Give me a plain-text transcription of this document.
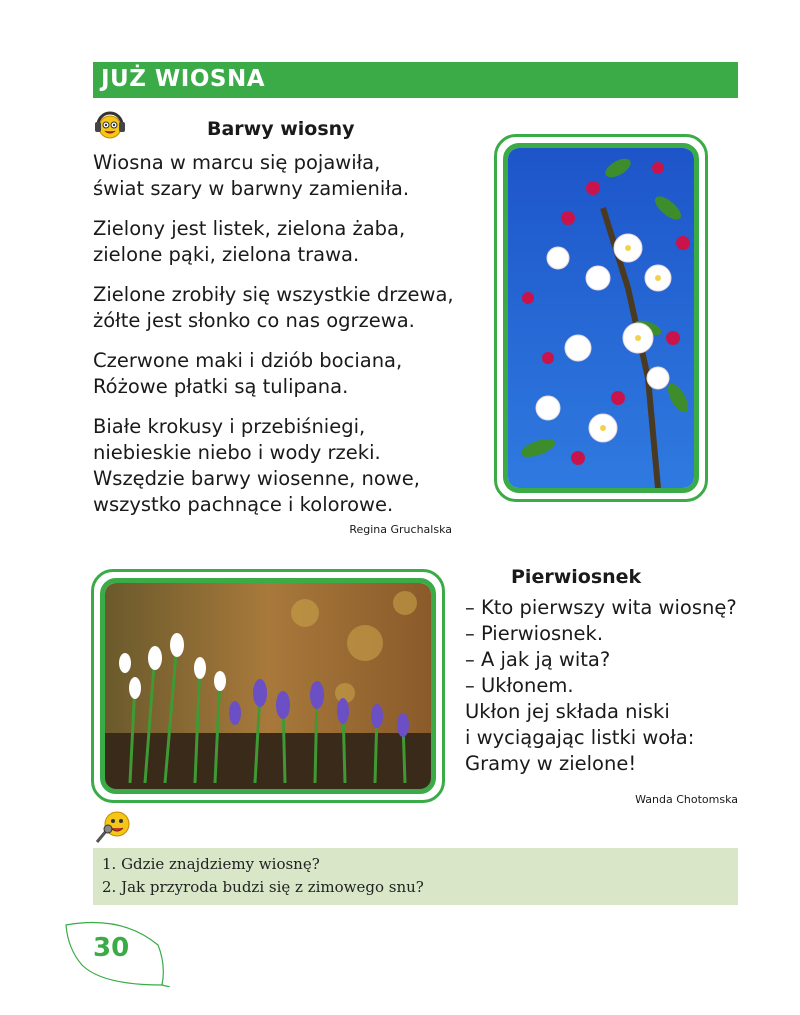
JUŻ WIOSNA
Barwy wiosny
Wiosna w marcu się pojawiła,
świat szary w barwny zamieniła.
Zielony jest listek, zielona żaba,
zielone pąki, zielona trawa.
Zielone zrobiły się wszystkie drzewa,
żółte jest słonko co nas ogrzewa.
Czerwone maki i dziób bociana,
Różowe płatki są tulipana.
Białe krokusy i przebiśniegi,
niebieskie niebo i wody rzeki.
Wszędzie barwy wiosenne, nowe,
wszystko pachnące i kolorowe.
Regina Gruchalska
Pierwiosnek
– Kto pierwszy wita wiosnę?
– Pierwiosnek.
– A jak ją wita?
– Ukłonem.
Ukłon jej składa niski
i wyciągając listki woła:
Gramy w zielone!
Wanda Chotomska
1. Gdzie znajdziemy wiosnę?
2. Jak przyroda budzi się z zimowego snu?
30
